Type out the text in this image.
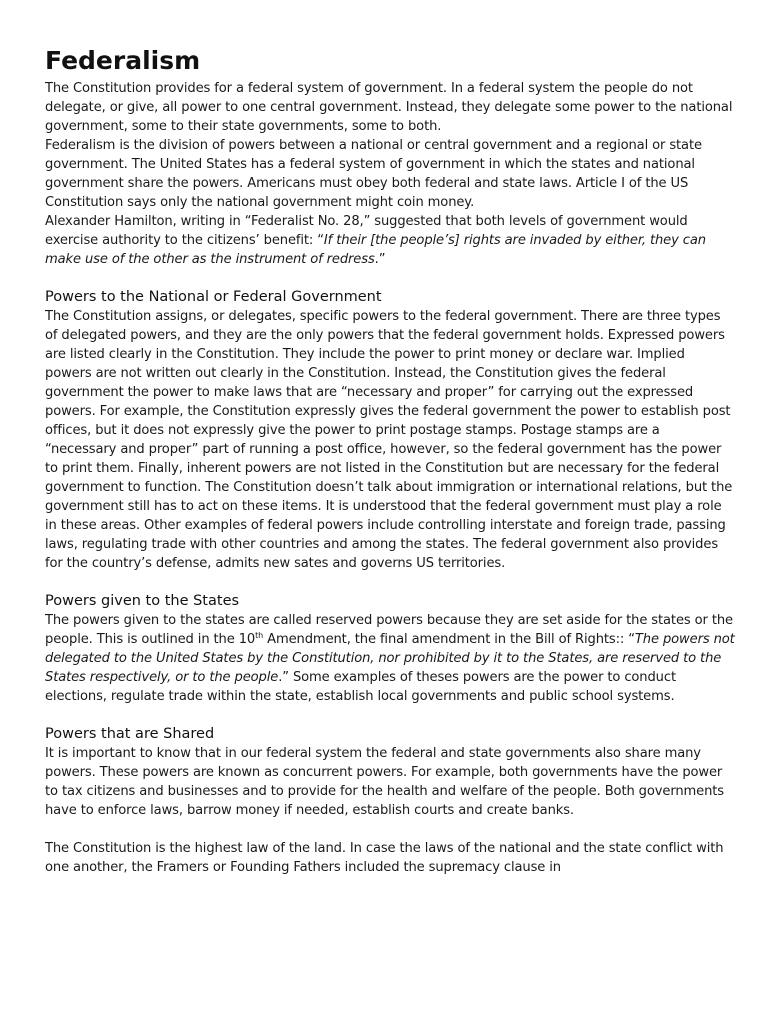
Federalism

The Constitution provides for a federal system of government. In a federal system the people do not delegate, or give, all power to one central government. Instead, they delegate some power to the national government, some to their state governments, some to both.

Federalism is the division of powers between a national or central government and a regional or state government. The United States has a federal system of government in which the states and national government share the powers. Americans must obey both federal and state laws. Article I of the US Constitution says only the national government might coin money.

Alexander Hamilton, writing in “Federalist No. 28,” suggested that both levels of government would exercise authority to the citizens’ benefit: “If their [the people’s] rights are invaded by either, they can make use of the other as the instrument of redress.”

Powers to the National or Federal Government

The Constitution assigns, or delegates, specific powers to the federal government. There are three types of delegated powers, and they are the only powers that the federal government holds. Expressed powers are listed clearly in the Constitution. They include the power to print money or declare war. Implied powers are not written out clearly in the Constitution. Instead, the Constitution gives the federal government the power to make laws that are “necessary and proper” for carrying out the expressed powers. For example, the Constitution expressly gives the federal government the power to establish post offices, but it does not expressly give the power to print postage stamps. Postage stamps are a “necessary and proper” part of running a post office, however, so the federal government has the power to print them. Finally, inherent powers are not listed in the Constitution but are necessary for the federal government to function. The Constitution doesn’t talk about immigration or international relations, but the government still has to act on these items. It is understood that the federal government must play a role in these areas. Other examples of federal powers include controlling interstate and foreign trade, passing laws, regulating trade with other countries and among the states. The federal government also provides for the country’s defense, admits new sates and governs US territories.

Powers given to the States

The powers given to the states are called reserved powers because they are set aside for the states or the people. This is outlined in the 10th Amendment, the final amendment in the Bill of Rights:: “The powers not delegated to the United States by the Constitution, nor prohibited by it to the States, are reserved to the States respectively, or to the people.” Some examples of theses powers are the power to conduct elections, regulate trade within the state, establish local governments and public school systems.

Powers that are Shared

It is important to know that in our federal system the federal and state governments also share many powers. These powers are known as concurrent powers. For example, both governments have the power to tax citizens and businesses and to provide for the health and welfare of the people. Both governments have to enforce laws, barrow money if needed, establish courts and create banks.

The Constitution is the highest law of the land. In case the laws of the national and the state conflict with one another, the Framers or Founding Fathers included the supremacy clause in
